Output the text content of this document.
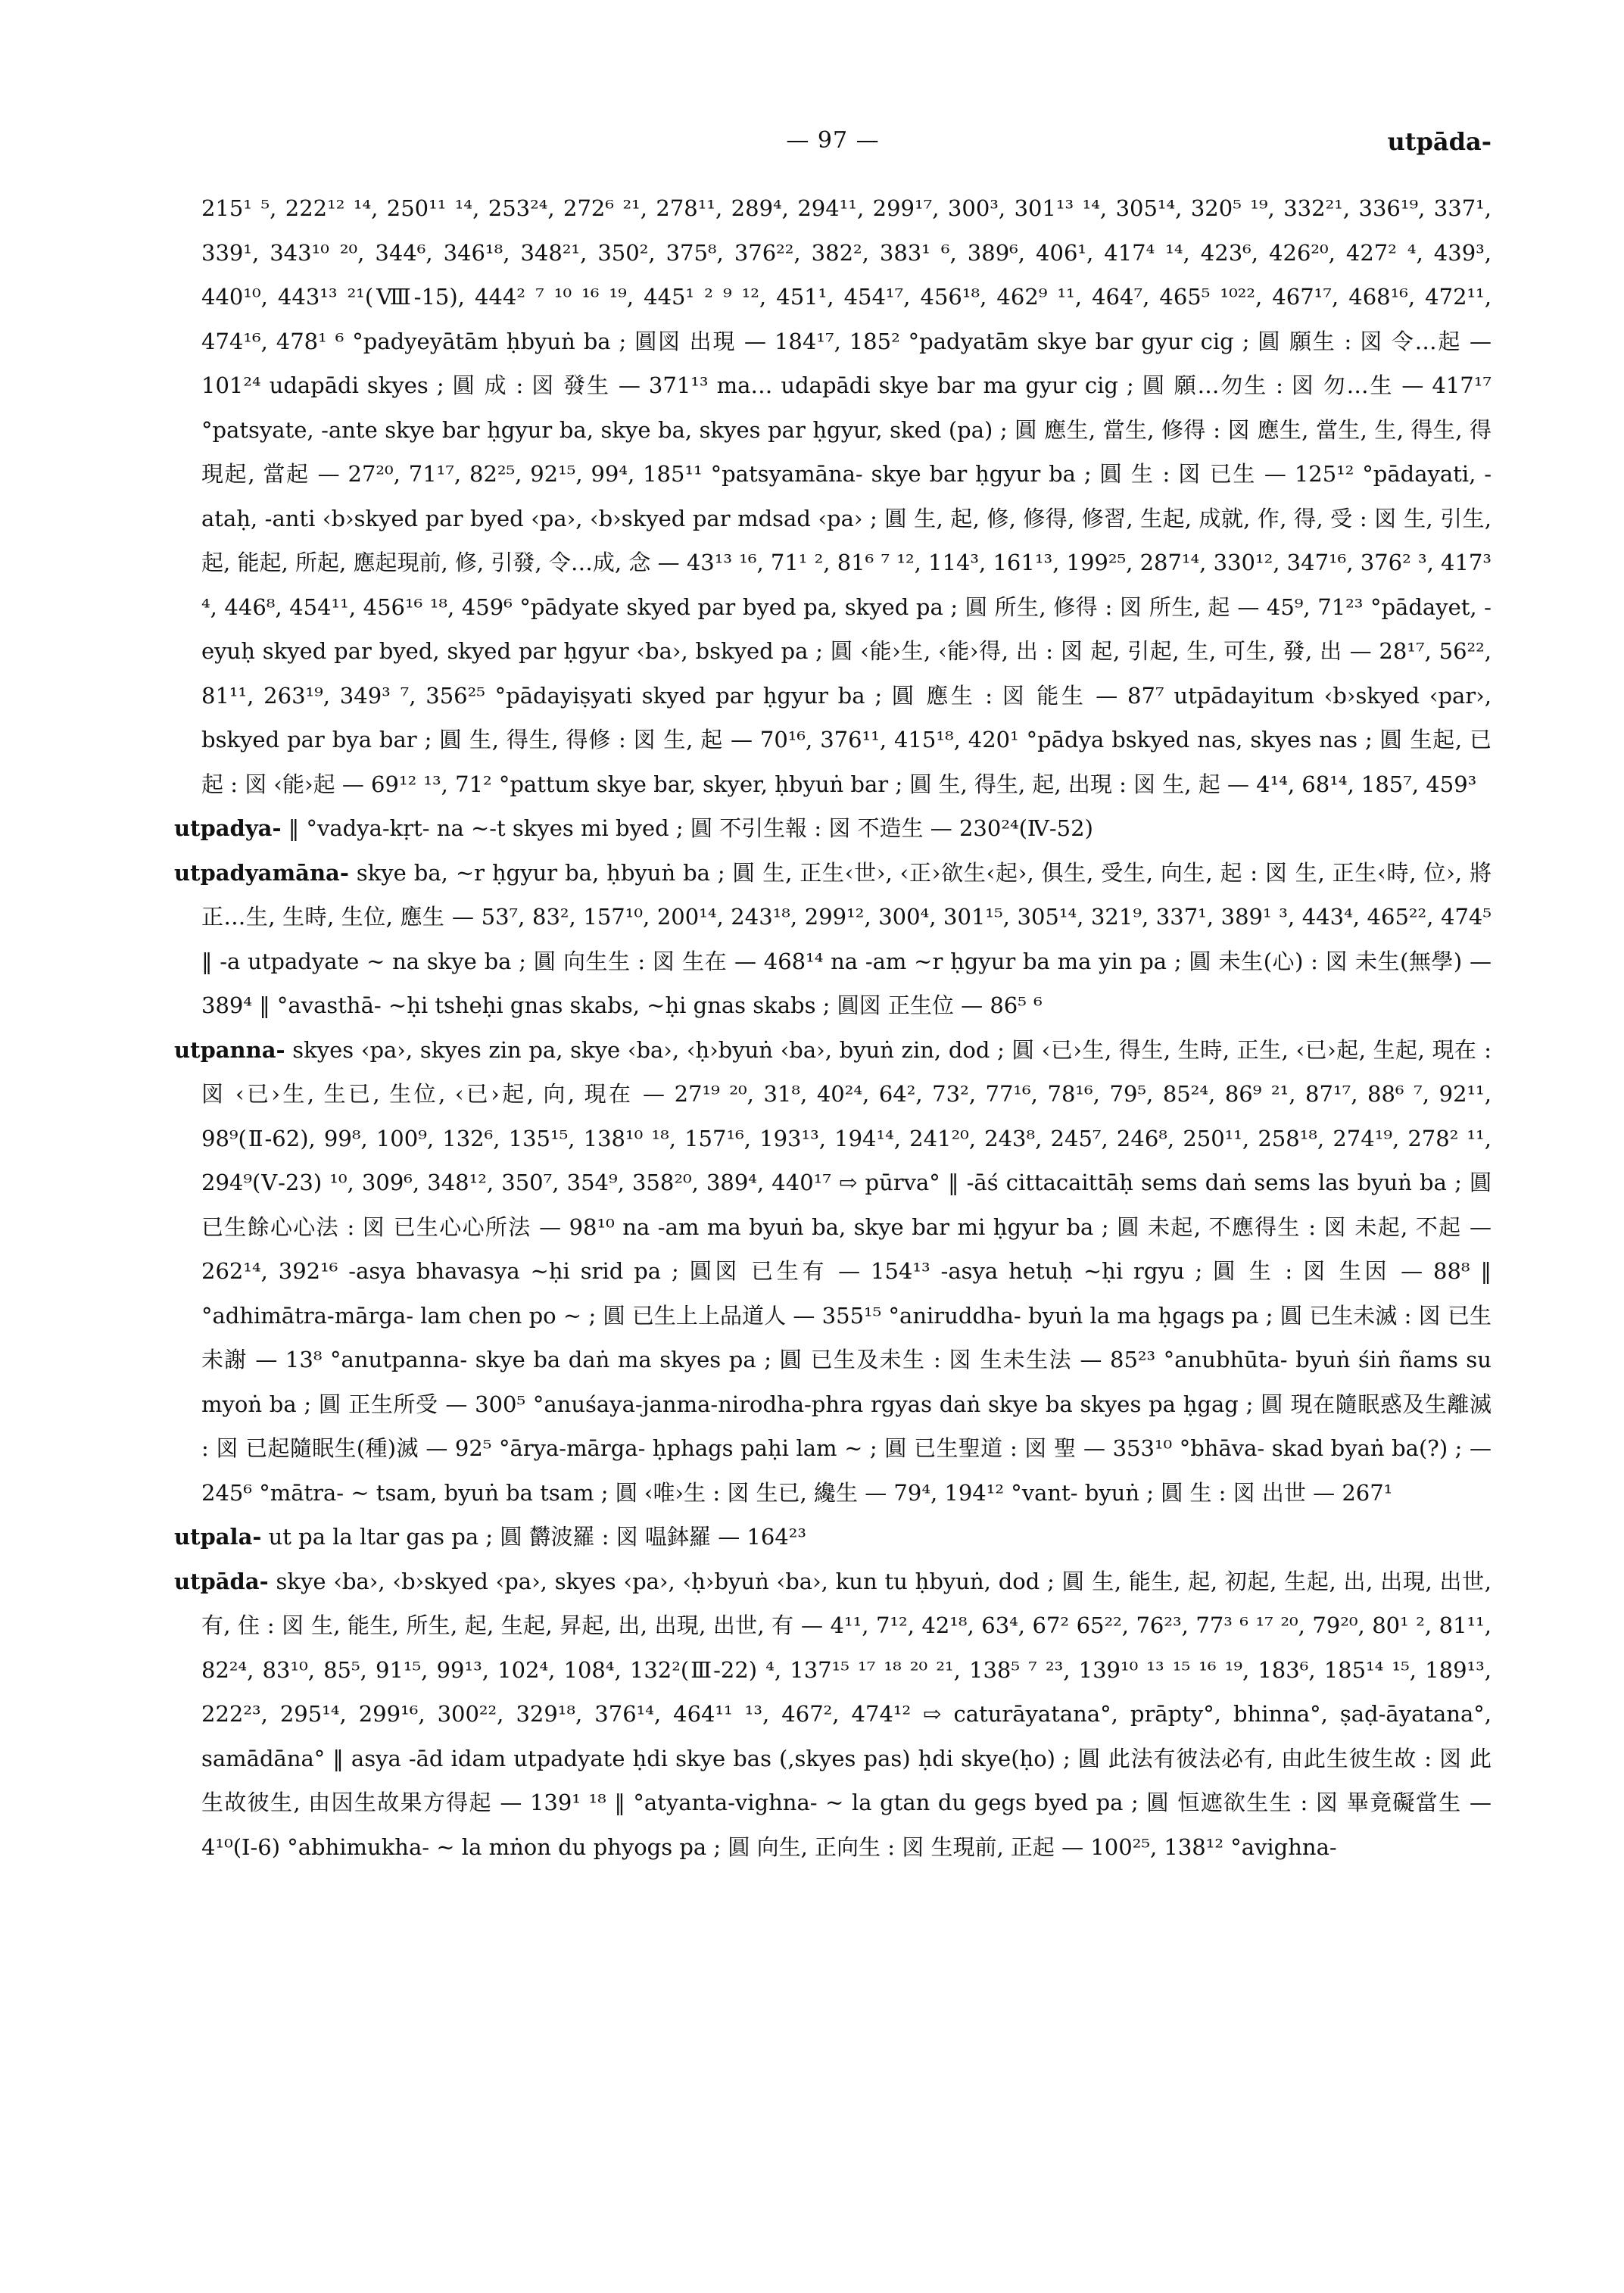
— 97 —	utpāda-

215¹ ⁵, 222¹² ¹⁴, 250¹¹ ¹⁴, 253²⁴, 272⁶ ²¹, 278¹¹, 289⁴, 294¹¹, 299¹⁷, 300³, 301¹³ ¹⁴, 305¹⁴, 320⁵ ¹⁹, 332²¹, 336¹⁹, 337¹, 339¹, 343¹⁰ ²⁰, 344⁶, 346¹⁸, 348²¹, 350², 375⁸, 376²², 382², 383¹ ⁶, 389⁶, 406¹, 417⁴ ¹⁴, 423⁶, 426²⁰, 427² ⁴, 439³, 440¹⁰, 443¹³ ²¹(Ⅷ-15), 444² ⁷ ¹⁰ ¹⁶ ¹⁹, 445¹ ² ⁹ ¹², 451¹, 454¹⁷, 456¹⁸, 462⁹ ¹¹, 464⁷, 465⁵ ¹⁰²², 467¹⁷, 468¹⁶, 472¹¹, 474¹⁶, 478¹ ⁶ °padyeyātām ḥbyuṅ ba ; 圓図 出現 — 184¹⁷, 185² °padyatām skye bar gyur cig ; 圓 願生 : 図 令…起 — 101²⁴ udapādi skyes ; 圓 成 : 図 發生 — 371¹³ ma… udapādi skye bar ma gyur cig ; 圓 願…勿生 : 図 勿…生 — 417¹⁷ °patsyate, -ante skye bar ḥgyur ba, skye ba, skyes par ḥgyur, sked (pa) ; 圓 應生, 當生, 修得 : 図 應生, 當生, 生, 得生, 得現起, 當起 — 27²⁰, 71¹⁷, 82²⁵, 92¹⁵, 99⁴, 185¹¹ °patsyamāna- skye bar ḥgyur ba ; 圓 生 : 図 已生 — 125¹² °pādayati, -ataḥ, -anti ‹b›skyed par byed ‹pa›, ‹b›skyed par mdsad ‹pa› ; 圓 生, 起, 修, 修得, 修習, 生起, 成就, 作, 得, 受 : 図 生, 引生, 起, 能起, 所起, 應起現前, 修, 引發, 令…成, 念 — 43¹³ ¹⁶, 71¹ ², 81⁶ ⁷ ¹², 114³, 161¹³, 199²⁵, 287¹⁴, 330¹², 347¹⁶, 376² ³, 417³ ⁴, 446⁸, 454¹¹, 456¹⁶ ¹⁸, 459⁶ °pādyate skyed par byed pa, skyed pa ; 圓 所生, 修得 : 図 所生, 起 — 45⁹, 71²³ °pādayet, -eyuḥ skyed par byed, skyed par ḥgyur ‹ba›, bskyed pa ; 圓 ‹能›生, ‹能›得, 出 : 図 起, 引起, 生, 可生, 發, 出 — 28¹⁷, 56²², 81¹¹, 263¹⁹, 349³ ⁷, 356²⁵ °pādayiṣyati skyed par ḥgyur ba ; 圓 應生 : 図 能生 — 87⁷ utpādayitum ‹b›skyed ‹par›, bskyed par bya bar ; 圓 生, 得生, 得修 : 図 生, 起 — 70¹⁶, 376¹¹, 415¹⁸, 420¹ °pādya bskyed nas, skyes nas ; 圓 生起, 已起 : 図 ‹能›起 — 69¹² ¹³, 71² °pattum skye bar, skyer, ḥbyuṅ bar ; 圓 生, 得生, 起, 出現 : 図 生, 起 — 4¹⁴, 68¹⁴, 185⁷, 459³

utpadya- ‖ °vadya-kṛt- na ~-t skyes mi byed ; 圓 不引生報 : 図 不造生 — 230²⁴(Ⅳ-52)

utpadyamāna- skye ba, ~r ḥgyur ba, ḥbyuṅ ba ; 圓 生, 正生‹世›, ‹正›欲生‹起›, 俱生, 受生, 向生, 起 : 図 生, 正生‹時, 位›, 將正…生, 生時, 生位, 應生 — 53⁷, 83², 157¹⁰, 200¹⁴, 243¹⁸, 299¹², 300⁴, 301¹⁵, 305¹⁴, 321⁹, 337¹, 389¹ ³, 443⁴, 465²², 474⁵ ‖ -a utpadyate ~ na skye ba ; 圓 向生生 : 図 生在 — 468¹⁴ na -am ~r ḥgyur ba ma yin pa ; 圓 未生(心) : 図 未生(無學) — 389⁴ ‖ °avasthā- ~ḥi tsheḥi gnas skabs, ~ḥi gnas skabs ; 圓図 正生位 — 86⁵ ⁶

utpanna- skyes ‹pa›, skyes zin pa, skye ‹ba›, ‹ḥ›byuṅ ‹ba›, byuṅ zin, dod ; 圓 ‹已›生, 得生, 生時, 正生, ‹已›起, 生起, 現在 : 図 ‹已›生, 生已, 生位, ‹已›起, 向, 現在 — 27¹⁹ ²⁰, 31⁸, 40²⁴, 64², 73², 77¹⁶, 78¹⁶, 79⁵, 85²⁴, 86⁹ ²¹, 87¹⁷, 88⁶ ⁷, 92¹¹, 98⁹(Ⅱ-62), 99⁸, 100⁹, 132⁶, 135¹⁵, 138¹⁰ ¹⁸, 157¹⁶, 193¹³, 194¹⁴, 241²⁰, 243⁸, 245⁷, 246⁸, 250¹¹, 258¹⁸, 274¹⁹, 278² ¹¹, 294⁹(Ⅴ-23) ¹⁰, 309⁶, 348¹², 350⁷, 354⁹, 358²⁰, 389⁴, 440¹⁷ ⇨ pūrva° ‖ -āś cittacaittāḥ sems daṅ sems las byuṅ ba ; 圓 已生餘心心法 : 図 已生心心所法 — 98¹⁰ na -am ma byuṅ ba, skye bar mi ḥgyur ba ; 圓 未起, 不應得生 : 図 未起, 不起 — 262¹⁴, 392¹⁶ -asya bhavasya ~ḥi srid pa ; 圓図 已生有 — 154¹³ -asya hetuḥ ~ḥi rgyu ; 圓 生 : 図 生因 — 88⁸ ‖ °adhimātra-mārga- lam chen po ~ ; 圓 已生上上品道人 — 355¹⁵ °aniruddha- byuṅ la ma ḥgags pa ; 圓 已生未滅 : 図 已生未謝 — 13⁸ °anutpanna- skye ba daṅ ma skyes pa ; 圓 已生及未生 : 図 生未生法 — 85²³ °anubhūta- byuṅ śiṅ ñams su myoṅ ba ; 圓 正生所受 — 300⁵ °anuśaya-janma-nirodha-phra rgyas daṅ skye ba skyes pa ḥgag ; 圓 現在隨眠惑及生離滅 : 図 已起隨眠生(種)滅 — 92⁵ °ārya-mārga- ḥphags paḥi lam ~ ; 圓 已生聖道 : 図 聖 — 353¹⁰ °bhāva- skad byaṅ ba(?) ; — 245⁶ °mātra- ~ tsam, byuṅ ba tsam ; 圓 ‹唯›生 : 図 生已, 纔生 — 79⁴, 194¹² °vant- byuṅ ; 圓 生 : 図 出世 — 267¹

utpala- ut pa la ltar gas pa ; 圓 欝波羅 : 図 嗢鉢羅 — 164²³

utpāda- skye ‹ba›, ‹b›skyed ‹pa›, skyes ‹pa›, ‹ḥ›byuṅ ‹ba›, kun tu ḥbyuṅ, dod ; 圓 生, 能生, 起, 初起, 生起, 出, 出現, 出世, 有, 住 : 図 生, 能生, 所生, 起, 生起, 昇起, 出, 出現, 出世, 有 — 4¹¹, 7¹², 42¹⁸, 63⁴, 67² 65²², 76²³, 77³ ⁶ ¹⁷ ²⁰, 79²⁰, 80¹ ², 81¹¹, 82²⁴, 83¹⁰, 85⁵, 91¹⁵, 99¹³, 102⁴, 108⁴, 132²(Ⅲ-22) ⁴, 137¹⁵ ¹⁷ ¹⁸ ²⁰ ²¹, 138⁵ ⁷ ²³, 139¹⁰ ¹³ ¹⁵ ¹⁶ ¹⁹, 183⁶, 185¹⁴ ¹⁵, 189¹³, 222²³, 295¹⁴, 299¹⁶, 300²², 329¹⁸, 376¹⁴, 464¹¹ ¹³, 467², 474¹² ⇨ caturāyatana°, prāpty°, bhinna°, ṣaḍ-āyatana°, samādāna° ‖ asya -ād idam utpadyate ḥdi skye bas (,skyes pas) ḥdi skye(ḥo) ; 圓 此法有彼法必有, 由此生彼生故 : 図 此生故彼生, 由因生故果方得起 — 139¹ ¹⁸ ‖ °atyanta-vighna- ~ la gtan du gegs byed pa ; 圓 恒遮欲生生 : 図 畢竟礙當生 — 4¹⁰(Ⅰ-6) °abhimukha- ~ la mṅon du phyogs pa ; 圓 向生, 正向生 : 図 生現前, 正起 — 100²⁵, 138¹² °avighna-
